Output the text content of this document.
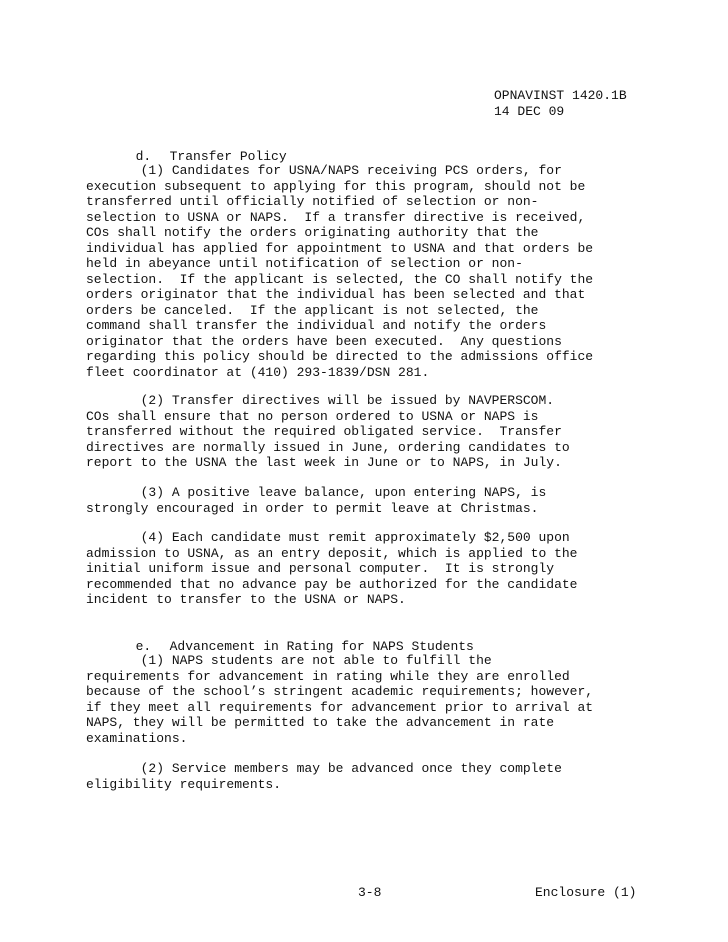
OPNAVINST 1420.1B
14 DEC 09

d. Transfer Policy

(1) Candidates for USNA/NAPS receiving PCS orders, for
execution subsequent to applying for this program, should not be
transferred until officially notified of selection or non-
selection to USNA or NAPS.  If a transfer directive is received,
COs shall notify the orders originating authority that the
individual has applied for appointment to USNA and that orders be
held in abeyance until notification of selection or non-
selection.  If the applicant is selected, the CO shall notify the
orders originator that the individual has been selected and that
orders be canceled.  If the applicant is not selected, the
command shall transfer the individual and notify the orders
originator that the orders have been executed.  Any questions
regarding this policy should be directed to the admissions office
fleet coordinator at (410) 293-1839/DSN 281.
(2) Transfer directives will be issued by NAVPERSCOM.
COs shall ensure that no person ordered to USNA or NAPS is
transferred without the required obligated service.  Transfer
directives are normally issued in June, ordering candidates to
report to the USNA the last week in June or to NAPS, in July.
(3) A positive leave balance, upon entering NAPS, is
strongly encouraged in order to permit leave at Christmas.
(4) Each candidate must remit approximately $2,500 upon
admission to USNA, as an entry deposit, which is applied to the
initial uniform issue and personal computer.  It is strongly
recommended that no advance pay be authorized for the candidate
incident to transfer to the USNA or NAPS.

e. Advancement in Rating for NAPS Students

(1) NAPS students are not able to fulfill the
requirements for advancement in rating while they are enrolled
because of the school’s stringent academic requirements; however,
if they meet all requirements for advancement prior to arrival at
NAPS, they will be permitted to take the advancement in rate
examinations.
(2) Service members may be advanced once they complete
eligibility requirements.
3-8	Enclosure (1)
